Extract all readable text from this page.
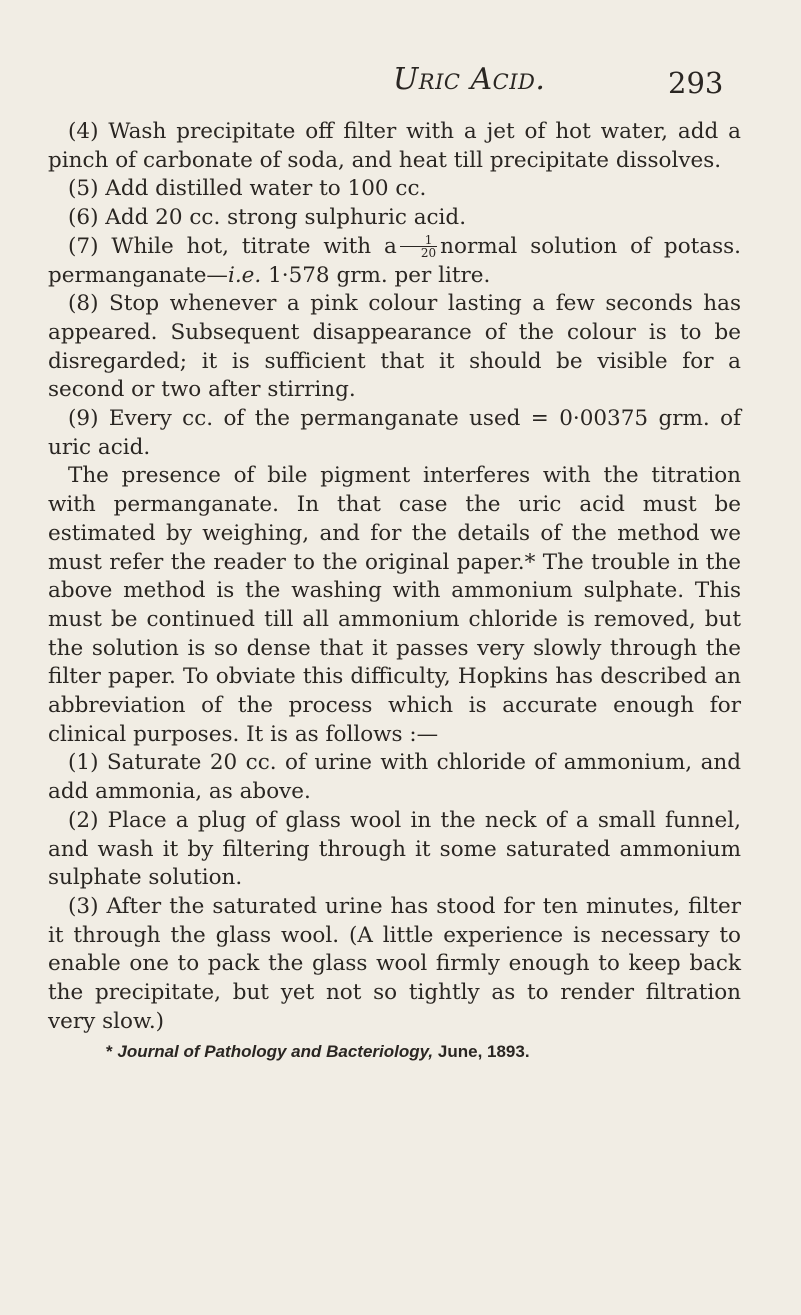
Uric Acid.	293

(4) Wash precipitate off filter with a jet of hot water, add a pinch of carbonate of soda, and heat till precipitate dissolves.

(5) Add distilled water to 100 cc.

(6) Add 20 cc. strong sulphuric acid.

(7) While hot, titrate with a $\frac{1}{20}$ normal solution of potass. permanganate—i.e. 1·578 grm. per litre.

(8) Stop whenever a pink colour lasting a few seconds has appeared. Subsequent disappearance of the colour is to be disregarded; it is sufficient that it should be visible for a second or two after stirring.

(9) Every cc. of the permanganate used = 0·00375 grm. of uric acid.

The presence of bile pigment interferes with the titration with permanganate. In that case the uric acid must be estimated by weighing, and for the details of the method we must refer the reader to the original paper.* The trouble in the above method is the washing with ammonium sulphate. This must be continued till all ammonium chloride is removed, but the solution is so dense that it passes very slowly through the filter paper. To obviate this difficulty, Hopkins has described an abbreviation of the process which is accurate enough for clinical purposes. It is as follows :—

(1) Saturate 20 cc. of urine with chloride of ammonium, and add ammonia, as above.

(2) Place a plug of glass wool in the neck of a small funnel, and wash it by filtering through it some saturated ammonium sulphate solution.

(3) After the saturated urine has stood for ten minutes, filter it through the glass wool. (A little experience is necessary to enable one to pack the glass wool firmly enough to keep back the precipitate, but yet not so tightly as to render filtration very slow.)

* Journal of Pathology and Bacteriology, June, 1893.
